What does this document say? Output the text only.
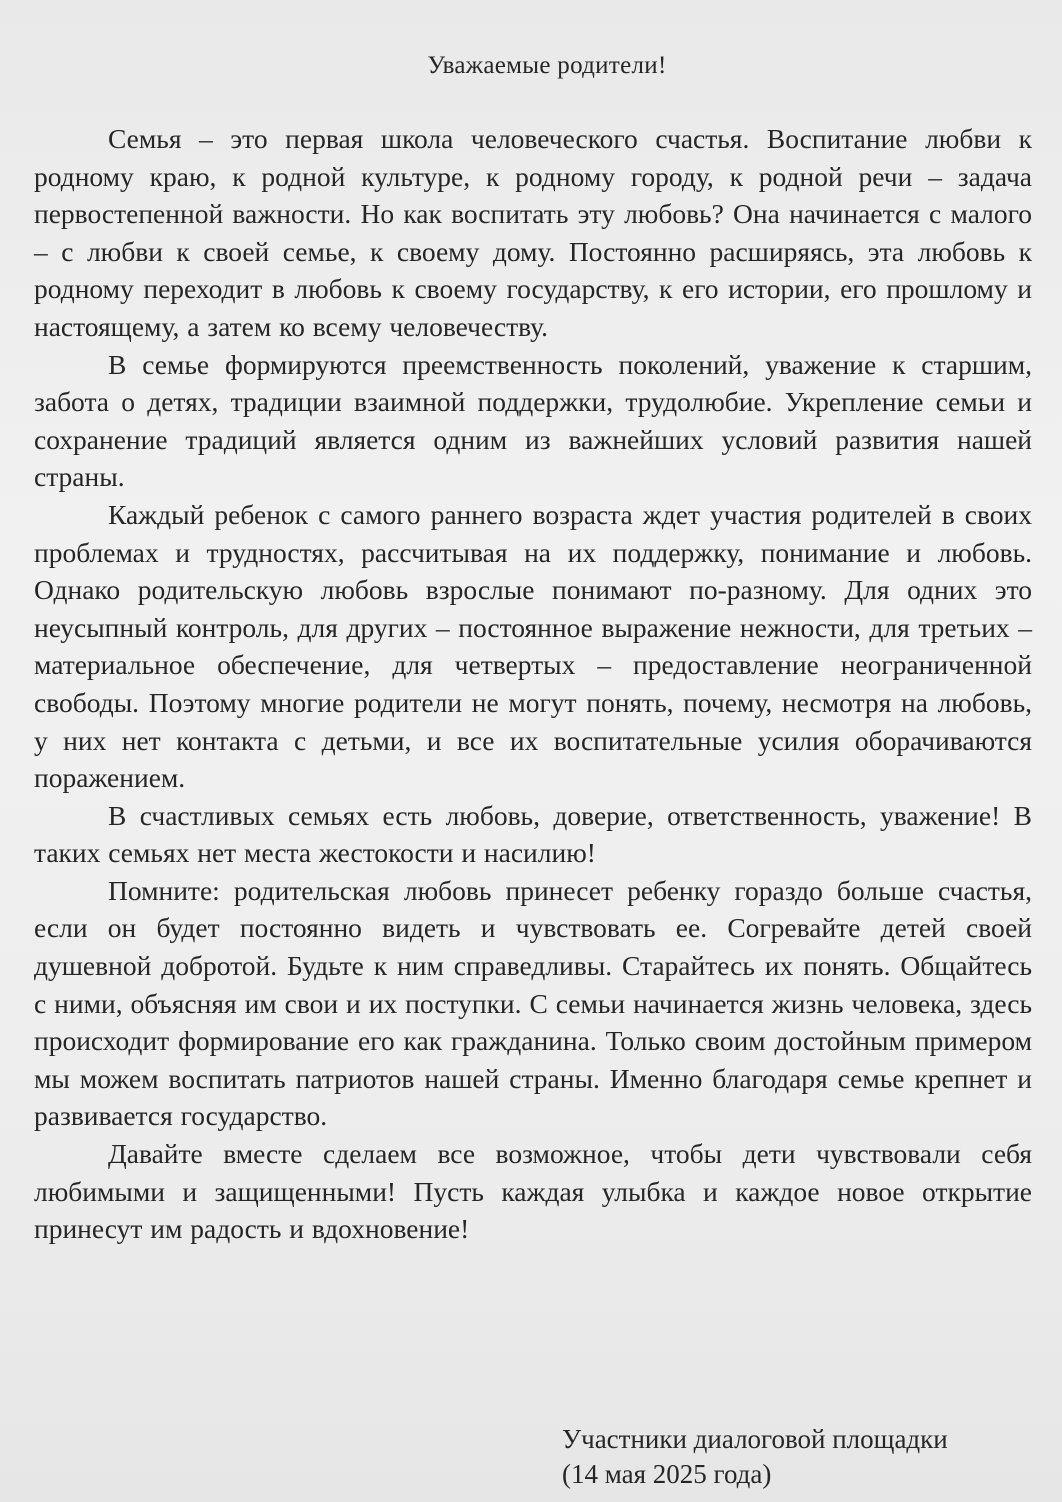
Уважаемые родители!

Семья – это первая школа человеческого счастья. Воспитание любви к родному краю, к родной культуре, к родному городу, к родной речи – задача первостепенной важности. Но как воспитать эту любовь? Она начинается с малого – с любви к своей семье, к своему дому. Постоянно расширяясь, эта любовь к родному переходит в любовь к своему государству, к его истории, его прошлому и настоящему, а затем ко всему человечеству.

В семье формируются преемственность поколений, уважение к старшим, забота о детях, традиции взаимной поддержки, трудолюбие. Укрепление семьи и сохранение традиций является одним из важнейших условий развития нашей страны.

Каждый ребенок с самого раннего возраста ждет участия родителей в своих проблемах и трудностях, рассчитывая на их поддержку, понимание и любовь. Однако родительскую любовь взрослые понимают по-разному. Для одних это неусыпный контроль, для других – постоянное выражение нежности, для третьих – материальное обеспечение, для четвертых – предоставление неограниченной свободы. Поэтому многие родители не могут понять, почему, несмотря на любовь, у них нет контакта с детьми, и все их воспитательные усилия оборачиваются поражением.

В счастливых семьях есть любовь, доверие, ответственность, уважение! В таких семьях нет места жестокости и насилию!

Помните: родительская любовь принесет ребенку гораздо больше счастья, если он будет постоянно видеть и чувствовать ее. Согревайте детей своей душевной добротой. Будьте к ним справедливы. Старайтесь их понять. Общайтесь с ними, объясняя им свои и их поступки. С семьи начинается жизнь человека, здесь происходит формирование его как гражданина. Только своим достойным примером мы можем воспитать патриотов нашей страны. Именно благодаря семье крепнет и развивается государство.

Давайте вместе сделаем все возможное, чтобы дети чувствовали себя любимыми и защищенными! Пусть каждая улыбка и каждое новое открытие принесут им радость и вдохновение!

Участники диалоговой площадки
(14 мая 2025 года)
